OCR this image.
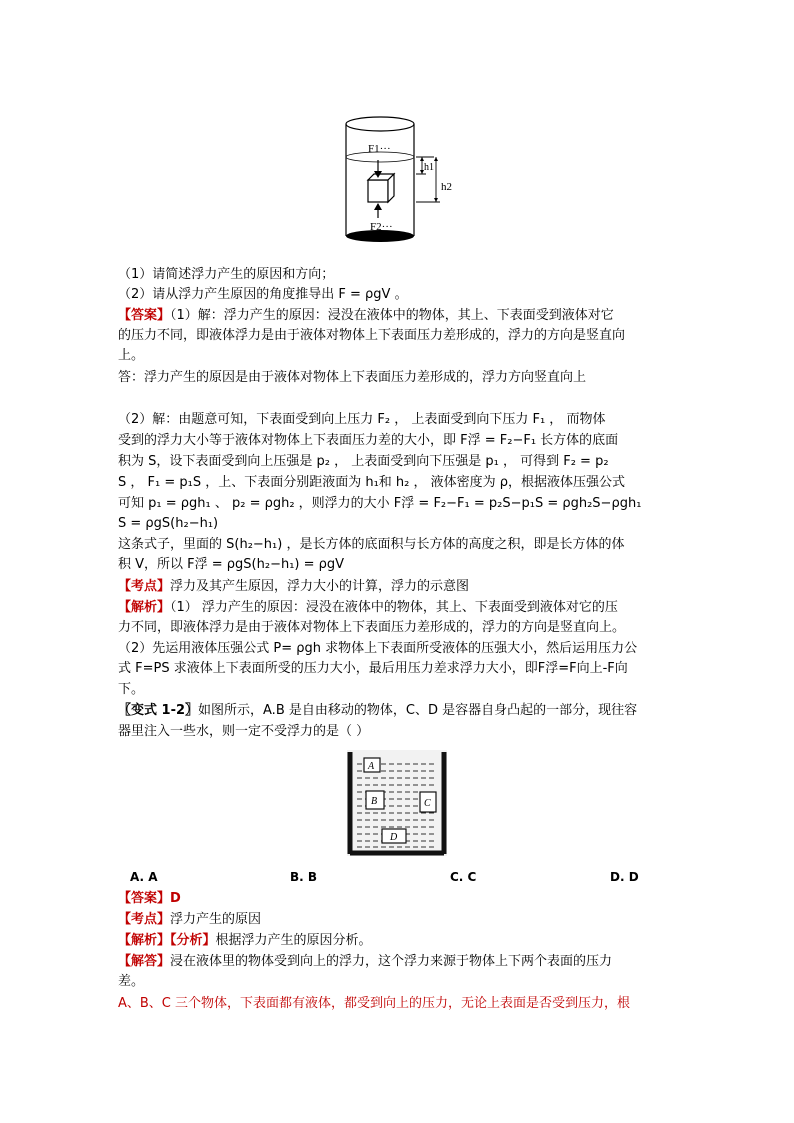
F1···
F2···
h1
h2
（1）请简述浮力产生的原因和方向；
（2）请从浮力产生原因的角度推导出 F = ρgV 。
【答案】（1）解：浮力产生的原因：浸没在液体中的物体，其上、下表面受到液体对它
的压力不同，即液体浮力是由于液体对物体上下表面压力差形成的，浮力的方向是竖直向
上。
答：浮力产生的原因是由于液体对物体上下表面压力差形成的，浮力方向竖直向上
（2）解：由题意可知，下表面受到向上压力 F₂ ， 上表面受到向下压力 F₁ ， 而物体
受到的浮力大小等于液体对物体上下表面压力差的大小，即 F浮 = F₂−F₁ 长方体的底面
积为 S，设下表面受到向上压强是 p₂ ， 上表面受到向下压强是 p₁ ， 可得到 F₂ = p₂
S ， F₁ = p₁S ，上、下表面分别距液面为 h₁和 h₂ ， 液体密度为 ρ，根据液体压强公式
可知 p₁ = ρgh₁ 、 p₂ = ρgh₂ ，则浮力的大小 F浮 = F₂−F₁ = p₂S−p₁S = ρgh₂S−ρgh₁
S = ρgS(h₂−h₁)
这条式子，里面的 S(h₂−h₁) ，是长方体的底面积与长方体的高度之积，即是长方体的体
积 V，所以 F浮 = ρgS(h₂−h₁) = ρgV
【考点】浮力及其产生原因，浮力大小的计算，浮力的示意图
【解析】（1） 浮力产生的原因：浸没在液体中的物体，其上、下表面受到液体对它的压
力不同，即液体浮力是由于液体对物体上下表面压力差形成的，浮力的方向是竖直向上。
（2）先运用液体压强公式 P= ρgh 求物体上下表面所受液体的压强大小，然后运用压力公
式 F=PS 求液体上下表面所受的压力大小，最后用压力差求浮力大小，即F浮=F向上-F向
下。
〖变式 1-2〗如图所示，A.B 是自由移动的物体，C、D 是容器自身凸起的一部分，现往容
器里注入一些水，则一定不受浮力的是（ ）
A
B	C
D
A. A	B. B	C. C	D. D
【答案】D
【考点】浮力产生的原因
【解析】【分析】根据浮力产生的原因分析。
【解答】浸在液体里的物体受到向上的浮力，这个浮力来源于物体上下两个表面的压力
差。
A、B、C 三个物体，下表面都有液体，都受到向上的压力，无论上表面是否受到压力，根
